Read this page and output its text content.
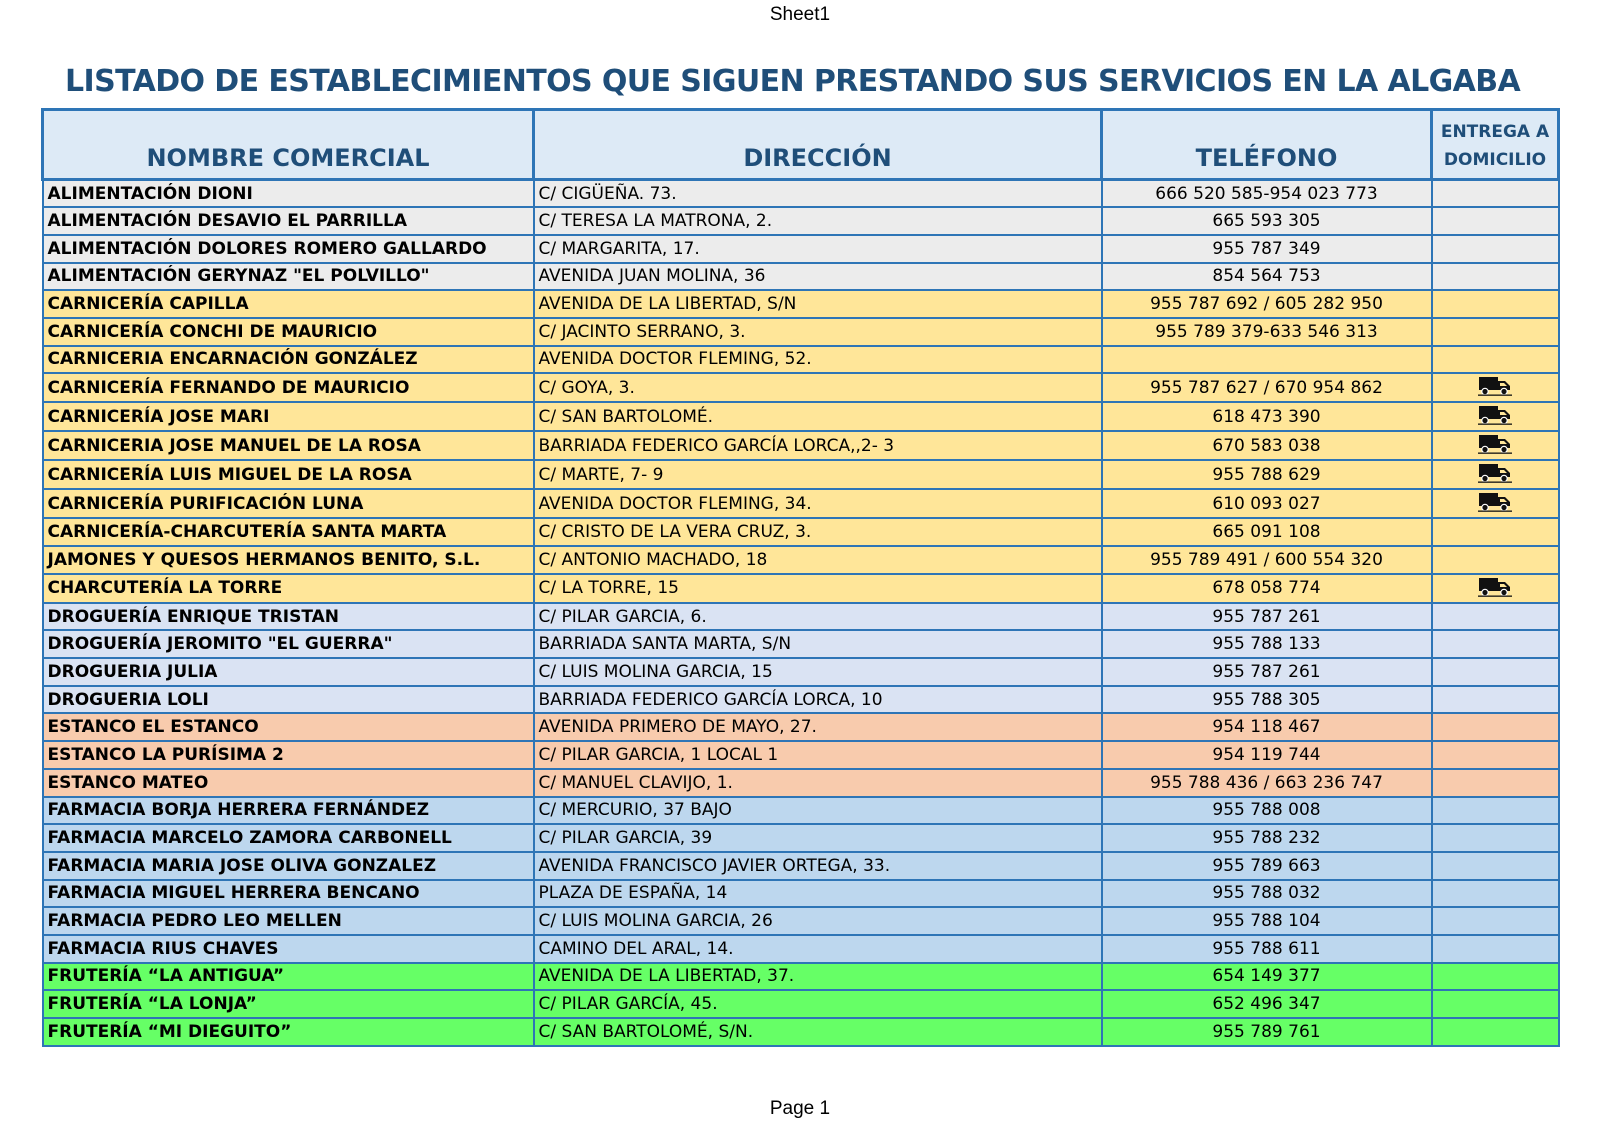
Sheet1
LISTADO DE ESTABLECIMIENTOS QUE SIGUEN PRESTANDO SUS SERVICIOS EN LA ALGABA
NOMBRE COMERCIAL	DIRECCIÓN	TELÉFONO	ENTREGA A
DOMICILIO
ALIMENTACIÓN DIONI	C/ CIGÜEÑA. 73.	666 520 585-954 023 773	
ALIMENTACIÓN DESAVIO EL PARRILLA	C/ TERESA LA MATRONA, 2.	665 593 305	
ALIMENTACIÓN DOLORES ROMERO GALLARDO	C/ MARGARITA, 17.	955 787 349	
ALIMENTACIÓN GERYNAZ "EL POLVILLO"	AVENIDA JUAN MOLINA, 36	854 564 753	
CARNICERÍA CAPILLA	AVENIDA DE LA LIBERTAD, S/N	955 787 692 / 605 282 950	
CARNICERÍA CONCHI DE MAURICIO	C/ JACINTO SERRANO, 3.	955 789 379-633 546 313	
CARNICERIA ENCARNACIÓN GONZÁLEZ	AVENIDA DOCTOR FLEMING, 52.		
CARNICERÍA FERNANDO DE MAURICIO	C/ GOYA, 3.	955 787 627 / 670 954 862	
CARNICERÍA JOSE MARI	C/ SAN BARTOLOMÉ.	618 473 390	
CARNICERIA JOSE MANUEL DE LA ROSA	BARRIADA FEDERICO GARCÍA LORCA,,2- 3	670 583 038	
CARNICERÍA LUIS MIGUEL DE LA ROSA	C/ MARTE, 7- 9	955 788 629	
CARNICERÍA PURIFICACIÓN LUNA	AVENIDA DOCTOR FLEMING, 34.	610 093 027	
CARNICERÍA-CHARCUTERÍA SANTA MARTA	C/ CRISTO DE LA VERA CRUZ, 3.	665 091 108	
JAMONES Y QUESOS HERMANOS BENITO, S.L.	C/ ANTONIO MACHADO, 18	955 789 491 / 600 554 320	
CHARCUTERÍA LA TORRE	C/ LA TORRE, 15	678 058 774	
DROGUERÍA ENRIQUE TRISTAN	C/ PILAR GARCIA, 6.	955 787 261	
DROGUERÍA JEROMITO "EL GUERRA"	BARRIADA SANTA MARTA, S/N	955 788 133	
DROGUERIA JULIA	C/ LUIS MOLINA GARCIA, 15	955 787 261	
DROGUERIA LOLI	BARRIADA FEDERICO GARCÍA LORCA, 10	955 788 305	
ESTANCO EL ESTANCO	AVENIDA PRIMERO DE MAYO, 27.	954 118 467	
ESTANCO LA PURÍSIMA 2	C/ PILAR GARCIA, 1 LOCAL 1	954 119 744	
ESTANCO MATEO	C/ MANUEL CLAVIJO, 1.	955 788 436 / 663 236 747	
FARMACIA BORJA HERRERA FERNÁNDEZ	C/ MERCURIO, 37 BAJO	955 788 008	
FARMACIA MARCELO ZAMORA CARBONELL	C/ PILAR GARCIA, 39	955 788 232	
FARMACIA MARIA JOSE OLIVA GONZALEZ	AVENIDA FRANCISCO JAVIER ORTEGA, 33.	955 789 663	
FARMACIA MIGUEL HERRERA BENCANO	PLAZA DE ESPAÑA, 14	955 788 032	
FARMACIA PEDRO LEO MELLEN	C/ LUIS MOLINA GARCIA, 26	955 788 104	
FARMACIA RIUS CHAVES	CAMINO DEL ARAL, 14.	955 788 611	
FRUTERÍA “LA ANTIGUA”	AVENIDA DE LA LIBERTAD, 37.	654 149 377	
FRUTERÍA “LA LONJA”	C/ PILAR GARCÍA, 45.	652 496 347	
FRUTERÍA “MI DIEGUITO”	C/ SAN BARTOLOMÉ, S/N.	955 789 761	
Page 1
